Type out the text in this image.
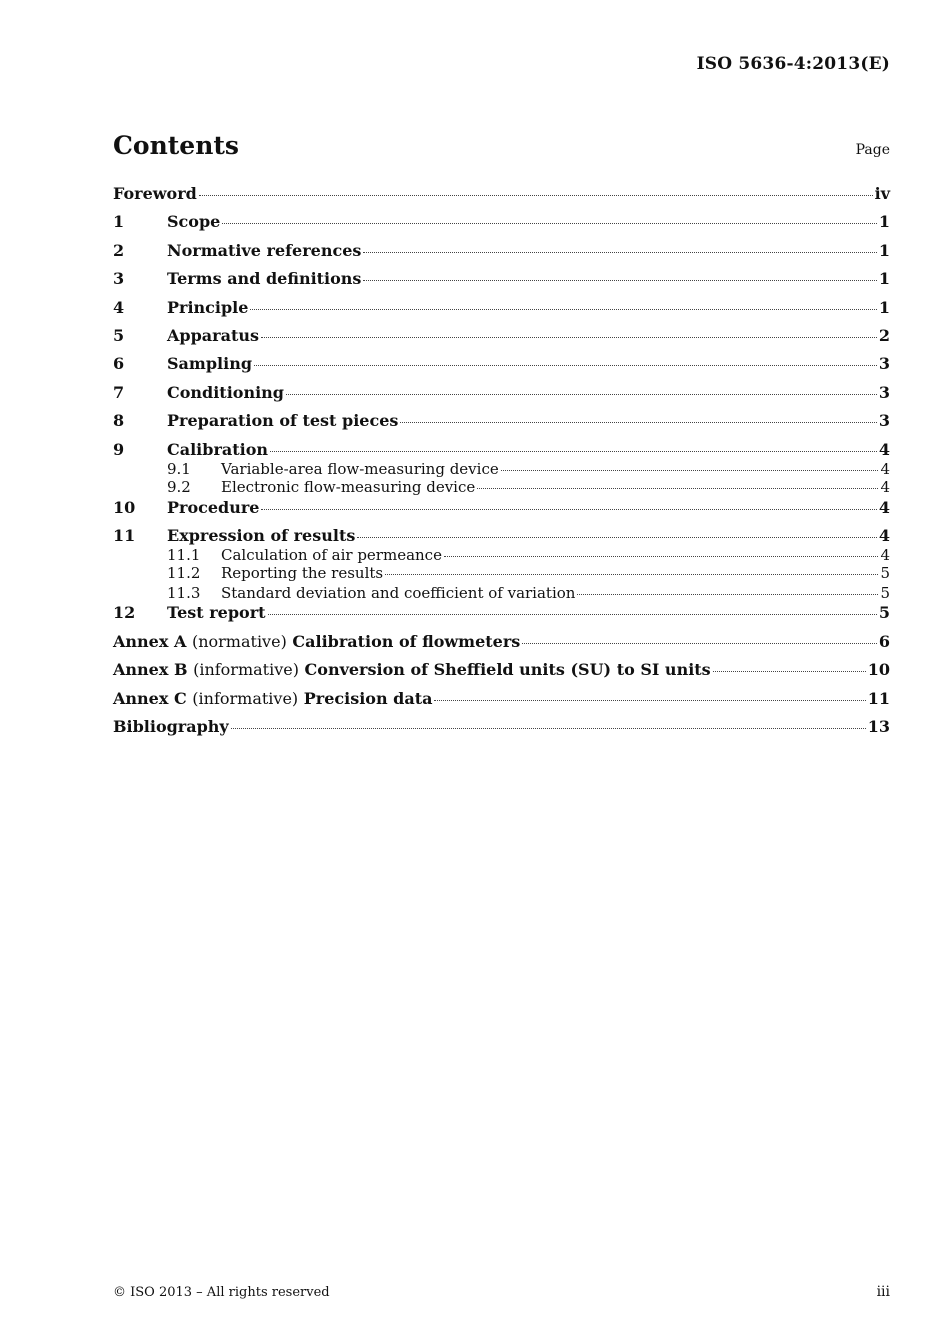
ISO 5636-4:2013(E)
Contents	Page
Foreword	iv
1	Scope	1
2	Normative references	1
3	Terms and definitions	1
4	Principle	1
5	Apparatus	2
6	Sampling	3
7	Conditioning	3
8	Preparation of test pieces	3
9	Calibration	4
9.1	Variable-area flow-measuring device	4
9.2	Electronic flow-measuring device	4
10	Procedure	4
11	Expression of results	4
11.1	Calculation of air permeance	4
11.2	Reporting the results	5
11.3	Standard deviation and coefficient of variation	5
12	Test report	5
Annex A (normative) Calibration of flowmeters	6
Annex B (informative) Conversion of Sheffield units (SU) to SI units	10
Annex C (informative) Precision data	11
Bibliography	13
© ISO 2013 – All rights reserved	iii
